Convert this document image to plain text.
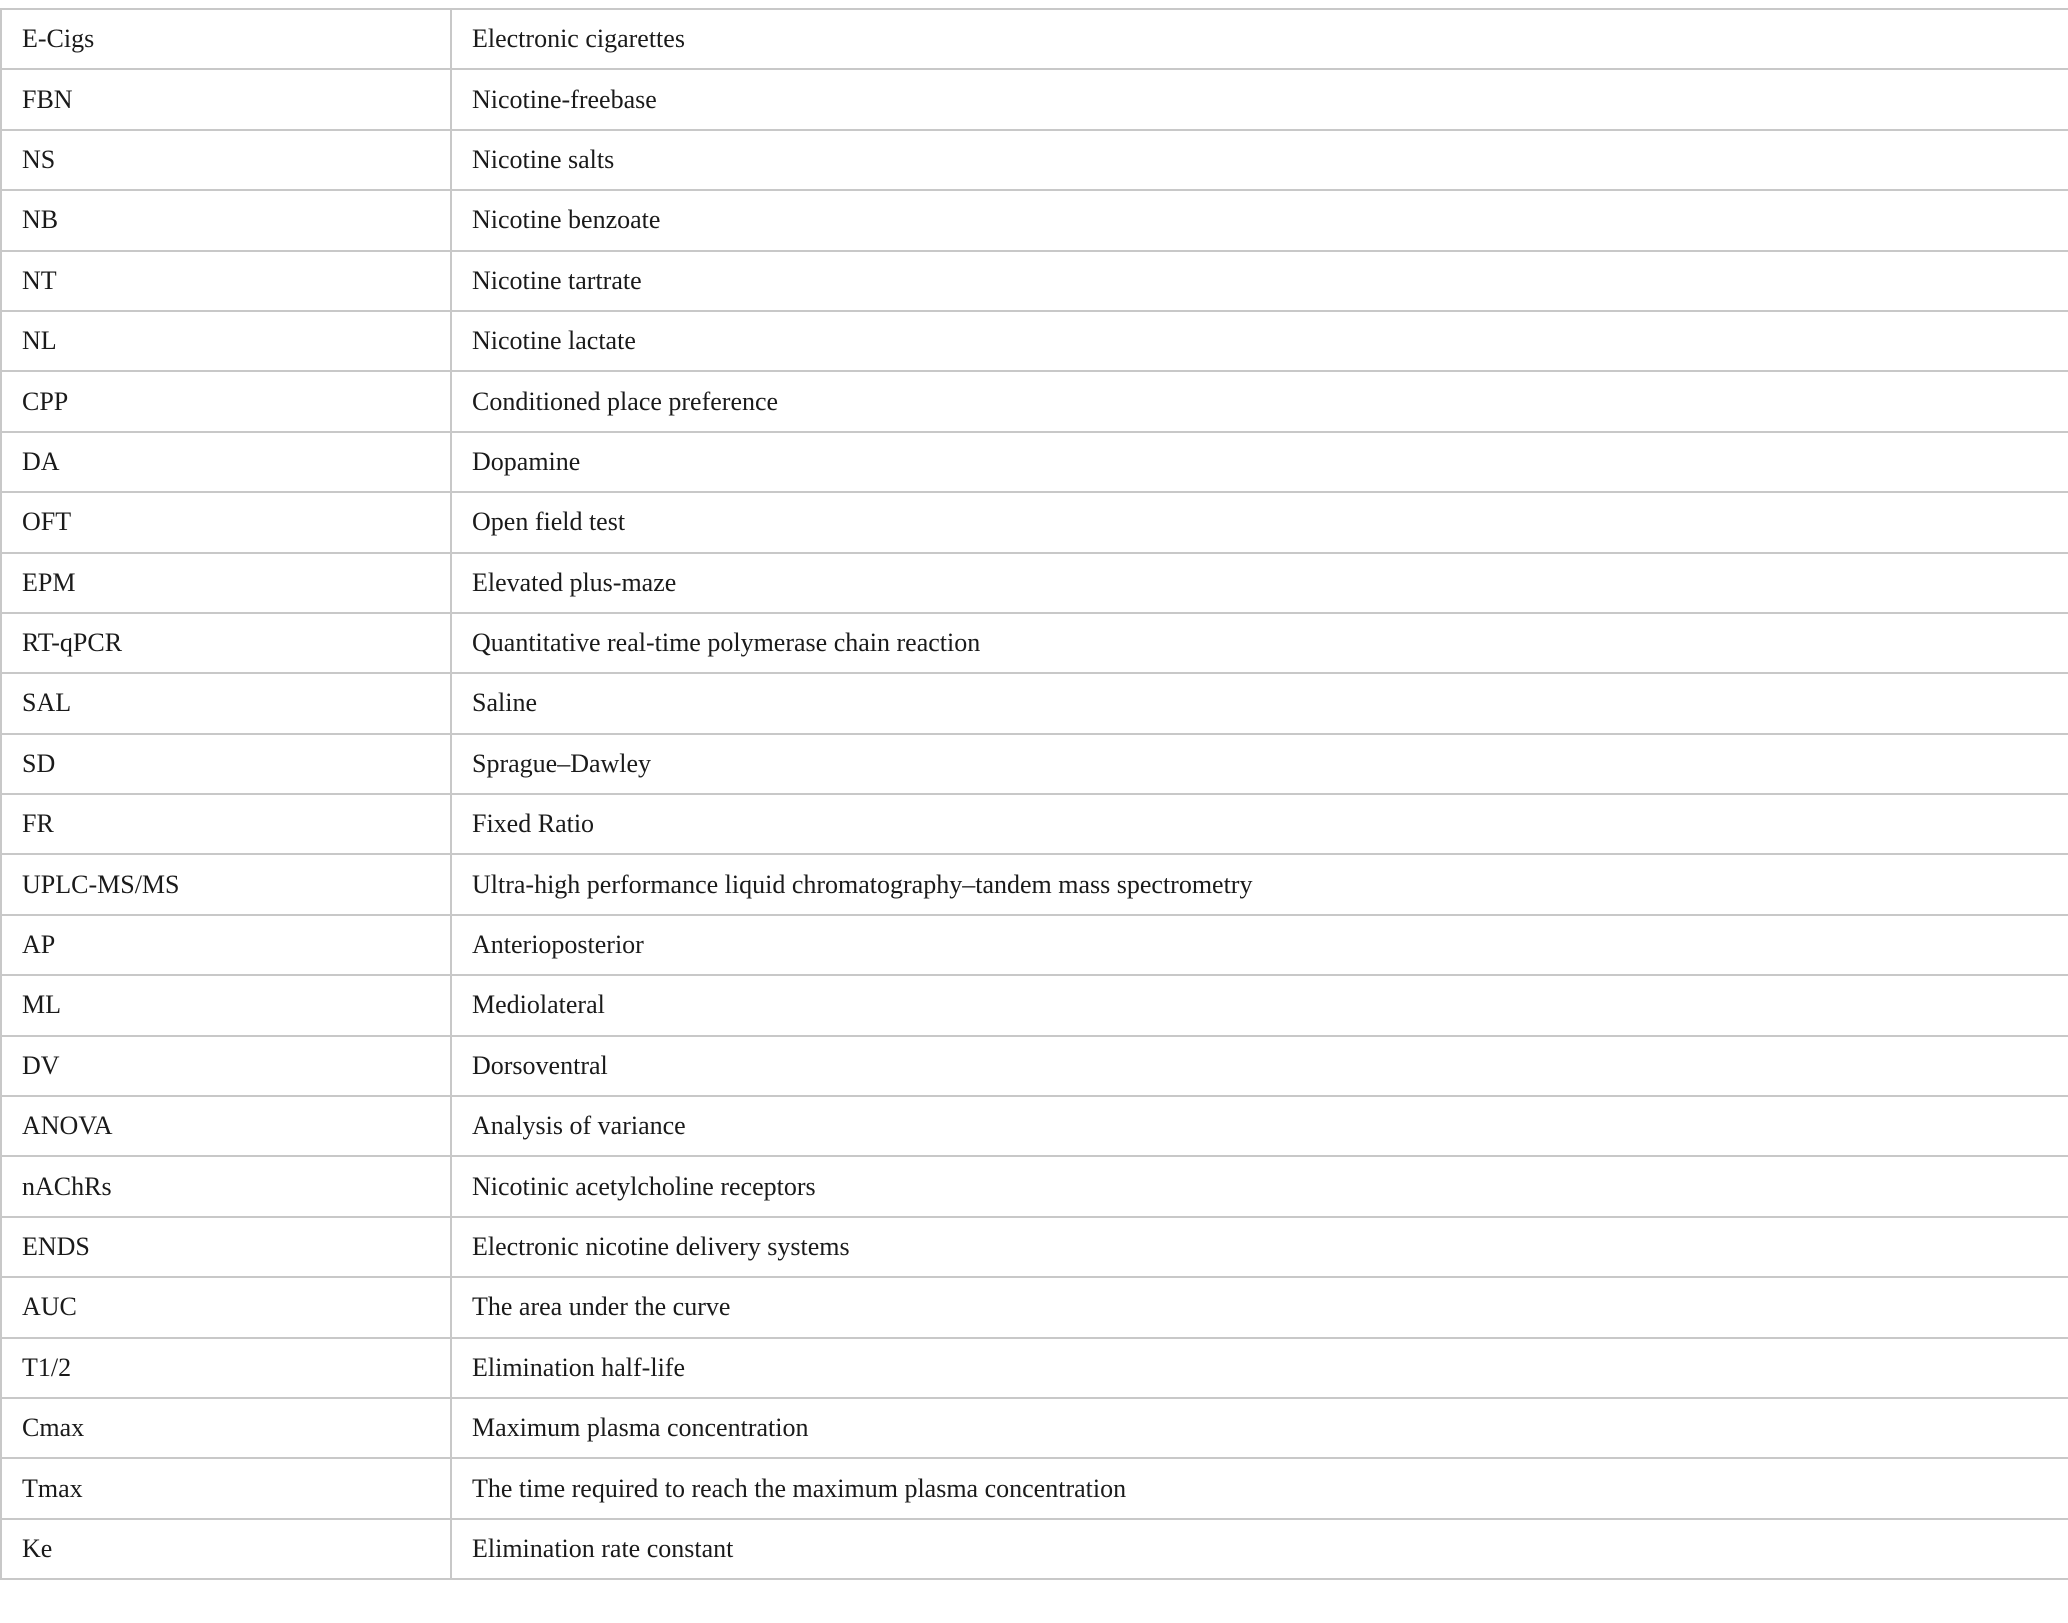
E-Cigs	Electronic cigarettes
FBN	Nicotine-freebase
NS	Nicotine salts
NB	Nicotine benzoate
NT	Nicotine tartrate
NL	Nicotine lactate
CPP	Conditioned place preference
DA	Dopamine
OFT	Open field test
EPM	Elevated plus-maze
RT-qPCR	Quantitative real-time polymerase chain reaction
SAL	Saline
SD	Sprague–Dawley
FR	Fixed Ratio
UPLC-MS/MS	Ultra-high performance liquid chromatography–tandem mass spectrometry
AP	Anterioposterior
ML	Mediolateral
DV	Dorsoventral
ANOVA	Analysis of variance
nAChRs	Nicotinic acetylcholine receptors
ENDS	Electronic nicotine delivery systems
AUC	The area under the curve
T1/2	Elimination half-life
Cmax	Maximum plasma concentration
Tmax	The time required to reach the maximum plasma concentration
Ke	Elimination rate constant
